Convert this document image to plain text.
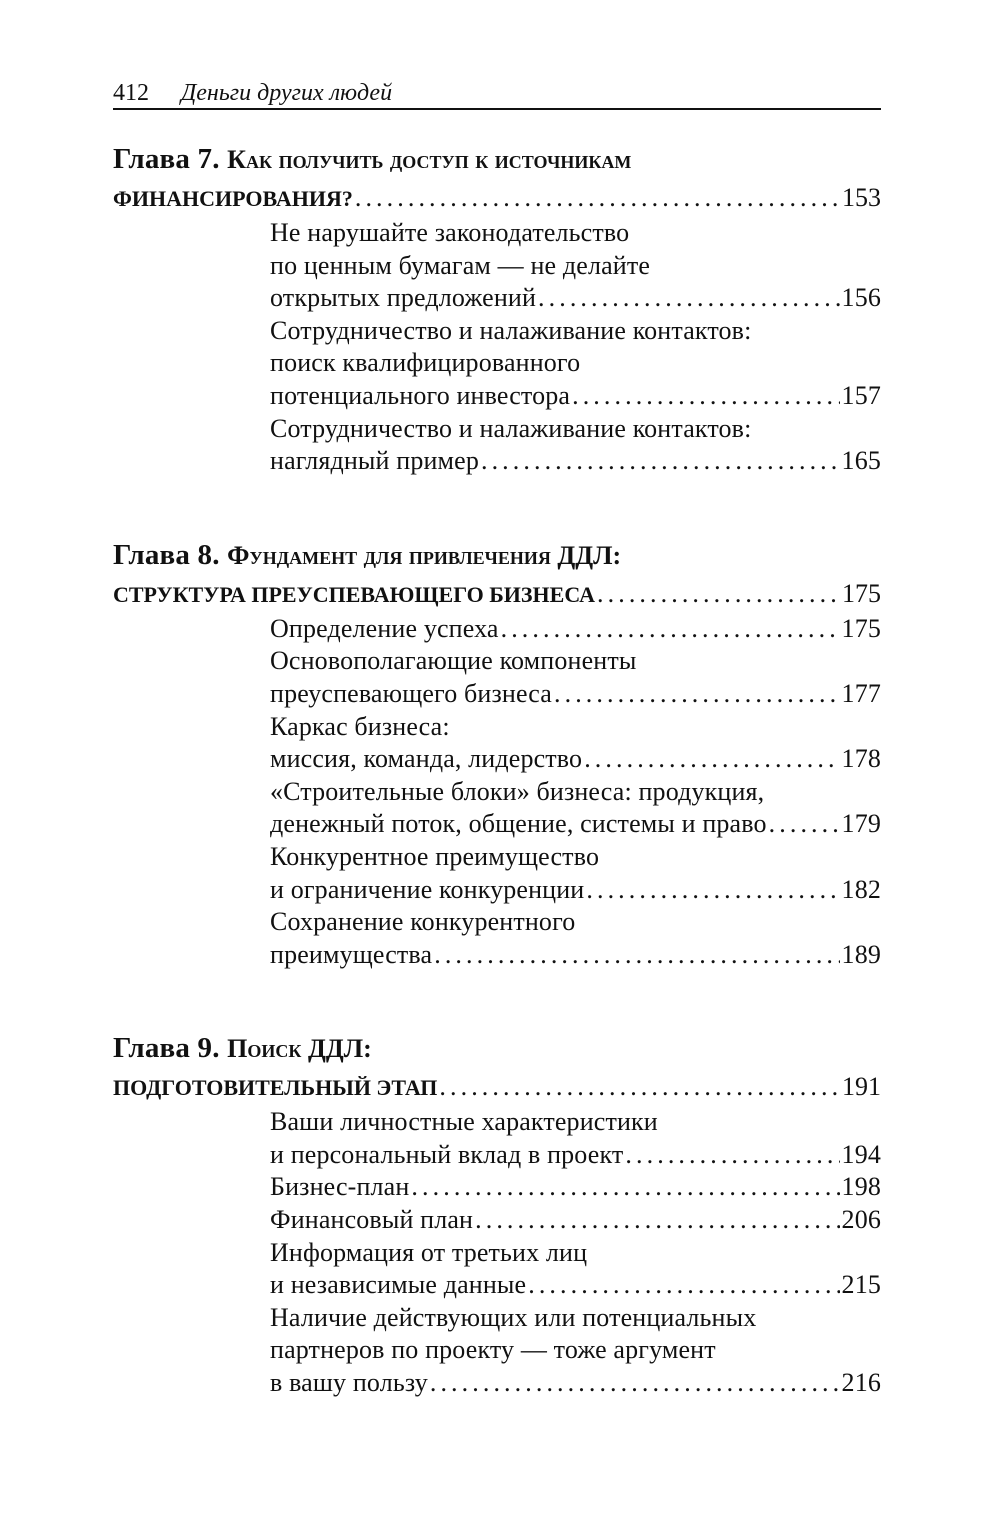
412 Деньги других людей
Глава 7. Как получить доступ к источникам
ФИНАНСИРОВАНИЯ? . . .	153
Не нарушайте законодательство
по ценным бумагам — не делайте
открытых предложений . . .	156
Сотрудничество и налаживание контактов:
поиск квалифицированного
потенциального инвестора . . .	157
Сотрудничество и налаживание контактов:
наглядный пример . . .	165
Глава 8. Фундамент для привлечения ДДЛ:
СТРУКТУРА ПРЕУСПЕВАЮЩЕГО БИЗНЕСА . . .	175
Определение успеха . . .	175
Основополагающие компоненты
преуспевающего бизнеса . . .	177
Каркас бизнеса:
миссия, команда, лидерство . . .	178
«Строительные блоки» бизнеса: продукция,
денежный поток, общение, системы и право . . .	179
Конкурентное преимущество
и ограничение конкуренции . . .	182
Сохранение конкурентного
преимущества . . .	189
Глава 9. Поиск ДДЛ:
ПОДГОТОВИТЕЛЬНЫЙ ЭТАП . . .	191
Ваши личностные характеристики
и персональный вклад в проект . . .	194
Бизнес-план . . .	198
Финансовый план . . .	206
Информация от третьих лиц
и независимые данные . . .	215
Наличие действующих или потенциальных
партнеров по проекту — тоже аргумент
в вашу пользу . . .	216
